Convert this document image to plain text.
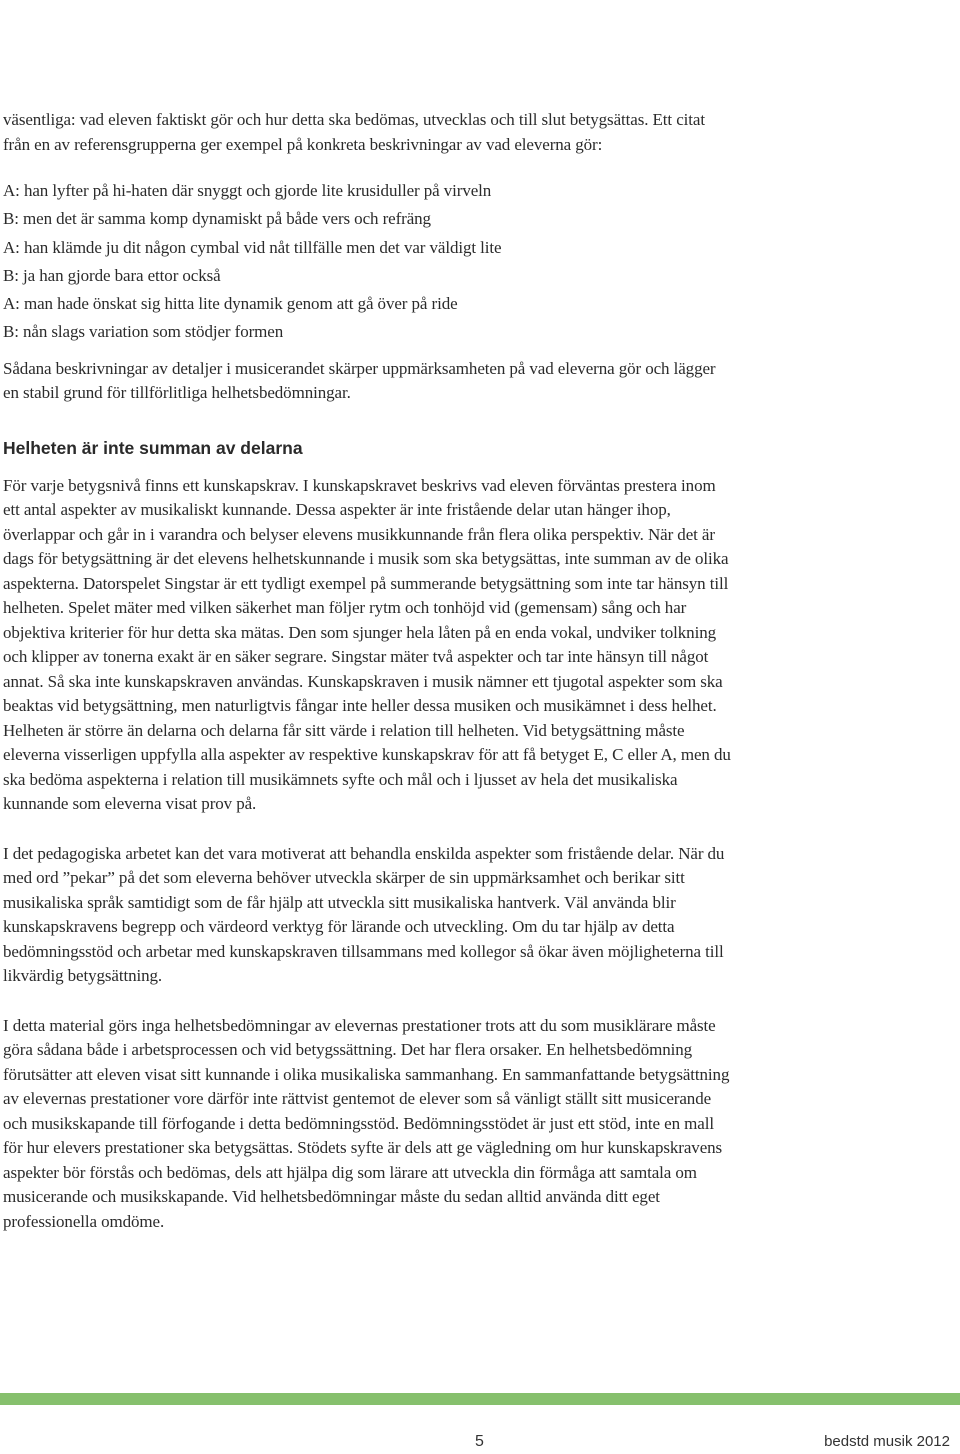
väsentliga: vad eleven faktiskt gör och hur detta ska bedömas, utvecklas och till slut betygsättas. Ett citat från en av referensgrupperna ger exempel på konkreta beskrivningar av vad eleverna gör:

A: han lyfter på hi-haten där snyggt och gjorde lite krusiduller på virveln

B: men det är samma komp dynamiskt på både vers och refräng

A: han klämde ju dit någon cymbal vid nåt tillfälle men det var väldigt lite

B: ja han gjorde bara ettor också

A: man hade önskat sig hitta lite dynamik genom att gå över på ride

B: nån slags variation som stödjer formen

Sådana beskrivningar av detaljer i musicerandet skärper uppmärksamheten på vad eleverna gör och lägger en stabil grund för tillförlitliga helhetsbedömningar.

Helheten är inte summan av delarna

För varje betygsnivå finns ett kunskapskrav. I kunskapskravet beskrivs vad eleven förväntas prestera inom ett antal aspekter av musikaliskt kunnande. Dessa aspekter är inte fristående delar utan hänger ihop, överlappar och går in i varandra och belyser elevens musikkunnande från flera olika perspektiv. När det är dags för betygsättning är det elevens helhetskunnande i musik som ska betygsättas, inte summan av de olika aspekterna. Datorspelet Singstar är ett tydligt exempel på summerande betygsättning som inte tar hänsyn till helheten. Spelet mäter med vilken säkerhet man följer rytm och tonhöjd vid (gemensam) sång och har objektiva kriterier för hur detta ska mätas. Den som sjunger hela låten på en enda vokal, undviker tolkning och klipper av tonerna exakt är en säker segrare. Singstar mäter två aspekter och tar inte hänsyn till något annat. Så ska inte kunskapskraven användas. Kunskapskraven i musik nämner ett tjugotal aspekter som ska beaktas vid betygsättning, men naturligtvis fångar inte heller dessa musiken och musikämnet i dess helhet. Helheten är större än delarna och delarna får sitt värde i relation till helheten. Vid betygsättning måste eleverna visserligen uppfylla alla aspekter av respektive kunskapskrav för att få betyget E, C eller A, men du ska bedöma aspekterna i relation till musikämnets syfte och mål och i ljusset av hela det musikaliska kunnande som eleverna visat prov på.

I det pedagogiska arbetet kan det vara motiverat att behandla enskilda aspekter som fristående delar. När du med ord ”pekar” på det som eleverna behöver utveckla skärper de sin uppmärksamhet och berikar sitt musikaliska språk samtidigt som de får hjälp att utveckla sitt musikaliska hantverk. Väl använda blir kunskapskravens begrepp och värdeord verktyg för lärande och utveckling. Om du tar hjälp av detta bedömningsstöd och arbetar med kunskapskraven tillsammans med kollegor så ökar även möjligheterna till likvärdig betygsättning.

I detta material görs inga helhetsbedömningar av elevernas prestationer trots att du som musiklärare måste göra sådana både i arbetsprocessen och vid betygssättning. Det har flera orsaker. En helhetsbedömning förutsätter att eleven visat sitt kunnande i olika musikaliska sammanhang. En sammanfattande betygsättning av elevernas prestationer vore därför inte rättvist gentemot de elever som så vänligt ställt sitt musicerande och musikskapande till förfogande i detta bedömningsstöd. Bedömningsstödet är just ett stöd, inte en mall för hur elevers prestationer ska betygsättas. Stödets syfte är dels att ge vägledning om hur kunskapskravens aspekter bör förstås och bedömas, dels att hjälpa dig som lärare att utveckla din förmåga att samtala om musicerande och musikskapande. Vid helhetsbedömningar måste du sedan alltid använda ditt eget professionella omdöme.

5	bedstd musik 2012
